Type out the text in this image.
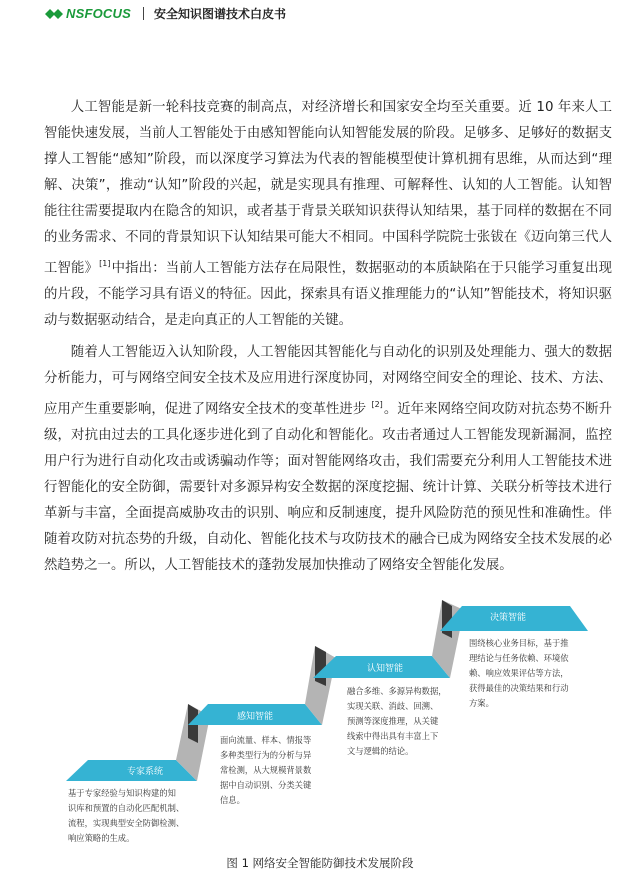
NSFOCUS 安全知识图谱技术白皮书

人工智能是新一轮科技竞赛的制高点，对经济增长和国家安全均至关重要。近 10 年来人工智能快速发展，当前人工智能处于由感知智能向认知智能发展的阶段。足够多、足够好的数据支撑人工智能“感知”阶段，而以深度学习算法为代表的智能模型使计算机拥有思维，从而达到“理解、决策”，推动“认知”阶段的兴起，就是实现具有推理、可解释性、认知的人工智能。认知智能往往需要提取内在隐含的知识，或者基于背景关联知识获得认知结果，基于同样的数据在不同的业务需求、不同的背景知识下认知结果可能大不相同。中国科学院院士张钹在《迈向第三代人工智能》[1]中指出：当前人工智能方法存在局限性，数据驱动的本质缺陷在于只能学习重复出现的片段，不能学习具有语义的特征。因此，探索具有语义推理能力的“认知”智能技术，将知识驱动与数据驱动结合，是走向真正的人工智能的关键。

随着人工智能迈入认知阶段，人工智能因其智能化与自动化的识别及处理能力、强大的数据分析能力，可与网络空间安全技术及应用进行深度协同，对网络空间安全的理论、技术、方法、应用产生重要影响，促进了网络安全技术的变革性进步 [2]。近年来网络空间攻防对抗态势不断升级，对抗由过去的工具化逐步进化到了自动化和智能化。攻击者通过人工智能发现新漏洞，监控用户行为进行自动化攻击或诱骗动作等；面对智能网络攻击，我们需要充分利用人工智能技术进行智能化的安全防御，需要针对多源异构安全数据的深度挖掘、统计计算、关联分析等技术进行革新与丰富，全面提高威胁攻击的识别、响应和反制速度，提升风险防范的预见性和准确性。伴随着攻防对抗态势的升级，自动化、智能化技术与攻防技术的融合已成为网络安全技术发展的必然趋势之一。所以，人工智能技术的蓬勃发展加快推动了网络安全智能化发展。

专家系统
感知智能
认知智能
决策智能
基于专家经验与知识构建的知
识库和预置的自动化匹配机制、
流程，实现典型安全防御检测、
响应策略的生成。
面向流量、样本、情报等
多种类型行为的分析与异
常检测，从大规模背景数
据中自动识别、分类关键
信息。
融合多维、多源异构数据，
实现关联、消歧、回溯、
预测等深度推理，从关键
线索中得出具有丰富上下
文与逻辑的结论。
围绕核心业务目标，基于推
理结论与任务依赖、环境依
赖、响应效果评估等方法，
获得最佳的决策结果和行动
方案。
图 1 网络安全智能防御技术发展阶段
